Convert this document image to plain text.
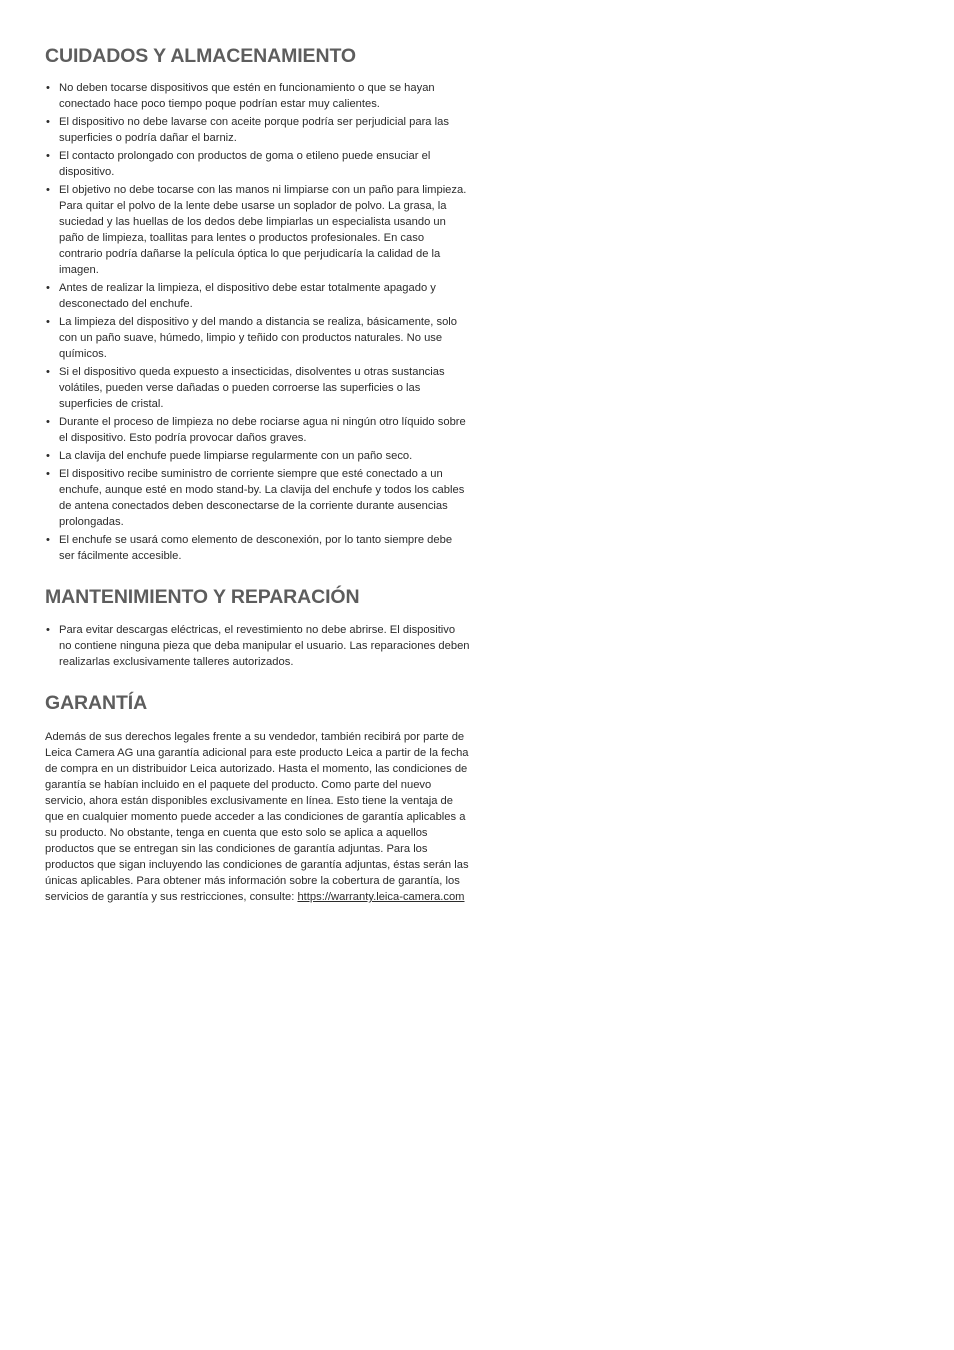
CUIDADOS Y ALMACENAMIENTO
• No deben tocarse dispositivos que estén en funcionamiento o que se hayan conectado hace poco tiempo poque podrían estar muy calientes.
• El dispositivo no debe lavarse con aceite porque podría ser perjudicial para las superficies o podría dañar el barniz.
• El contacto prolongado con productos de goma o etileno puede ensuciar el dispositivo.
• El objetivo no debe tocarse con las manos ni limpiarse con un paño para limpieza. Para quitar el polvo de la lente debe usarse un soplador de polvo. La grasa, la suciedad y las huellas de los dedos debe limpiarlas un especialista usando un paño de limpieza, toallitas para lentes o productos profesionales. En caso contrario podría dañarse la película óptica lo que perjudicaría la calidad de la imagen.
• Antes de realizar la limpieza, el dispositivo debe estar totalmente apagado y desconectado del enchufe.
• La limpieza del dispositivo y del mando a distancia se realiza, básicamente, solo con un paño suave, húmedo, limpio y teñido con productos naturales. No use químicos.
• Si el dispositivo queda expuesto a insecticidas, disolventes u otras sustancias volátiles, pueden verse dañadas o pueden corroerse las superficies o las superficies de cristal.
• Durante el proceso de limpieza no debe rociarse agua ni ningún otro líquido sobre el dispositivo. Esto podría provocar daños graves.
• La clavija del enchufe puede limpiarse regularmente con un paño seco.
• El dispositivo recibe suministro de corriente siempre que esté conectado a un enchufe, aunque esté en modo stand-by. La clavija del enchufe y todos los cables de antena conectados deben desconectarse de la corriente durante ausencias prolongadas.
• El enchufe se usará como elemento de desconexión, por lo tanto siempre debe ser fácilmente accesible.
MANTENIMIENTO Y REPARACIÓN
• Para evitar descargas eléctricas, el revestimiento no debe abrirse. El dispositivo no contiene ninguna pieza que deba manipular el usuario. Las reparaciones deben realizarlas exclusivamente talleres autorizados.
GARANTÍA

Además de sus derechos legales frente a su vendedor, también recibirá por parte de Leica Camera AG una garantía adicional para este producto Leica a partir de la fecha de compra en un distribuidor Leica autorizado. Hasta el momento, las condiciones de garantía se habían incluido en el paquete del producto. Como parte del nuevo servicio, ahora están disponibles exclusivamente en línea. Esto tiene la ventaja de que en cualquier momento puede acceder a las condiciones de garantía aplicables a su producto. No obstante, tenga en cuenta que esto solo se aplica a aquellos productos que se entregan sin las condiciones de garantía adjuntas. Para los productos que sigan incluyendo las condiciones de garantía adjuntas, éstas serán las únicas aplicables. Para obtener más información sobre la cobertura de garantía, los servicios de garantía y sus restricciones, consulte: https://warranty.leica-camera.com
